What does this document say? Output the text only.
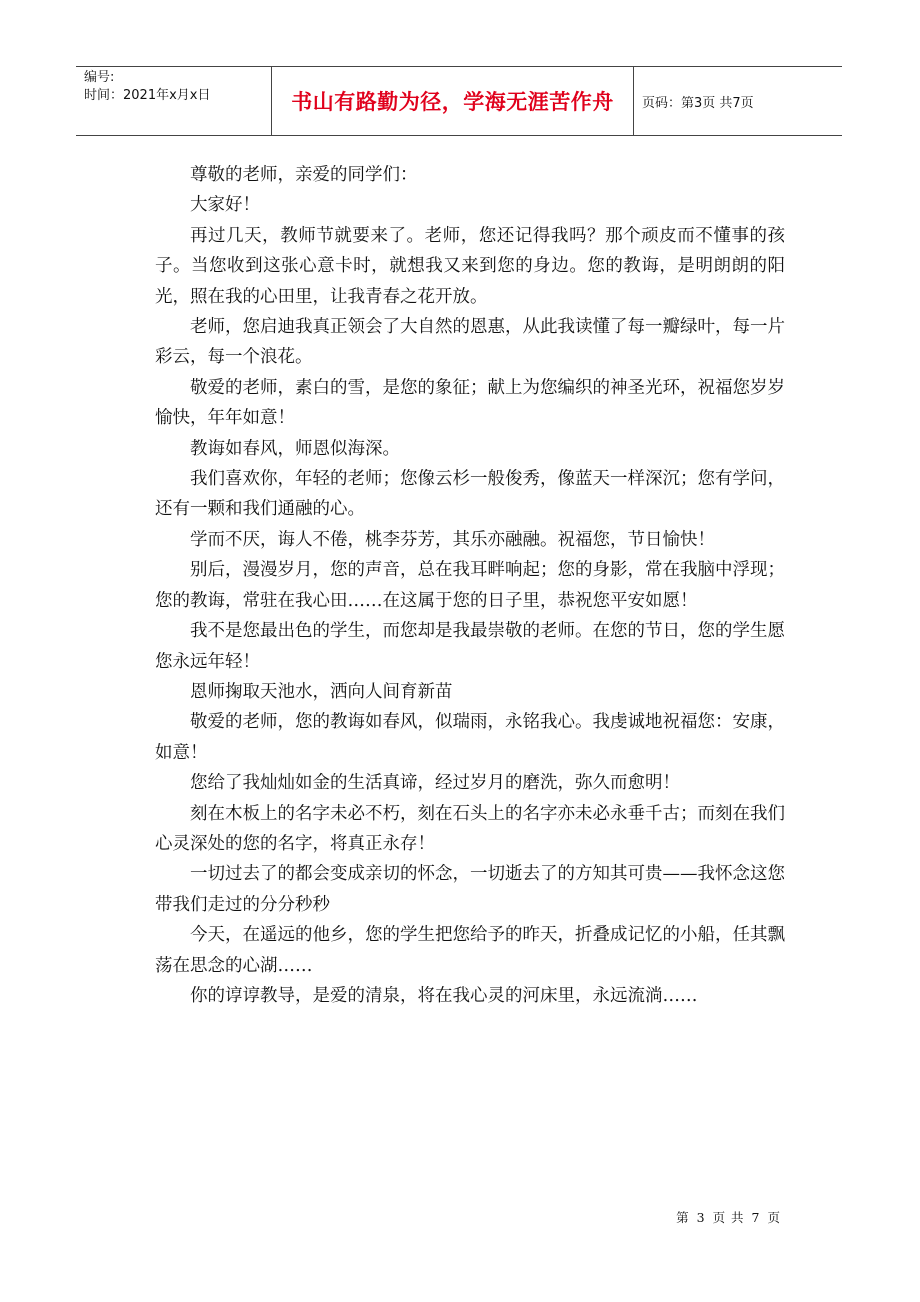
编号:
时间：2021年x月x日	书山有路勤为径，学海无涯苦作舟 页码：第3页 共7页

尊敬的老师，亲爱的同学们：

大家好！

再过几天，教师节就要来了。老师，您还记得我吗？那个顽皮而不懂事的孩子。当您收到这张心意卡时，就想我又来到您的身边。您的教诲，是明朗朗的阳光，照在我的心田里，让我青春之花开放。

老师，您启迪我真正领会了大自然的恩惠，从此我读懂了每一瓣绿叶，每一片彩云，每一个浪花。

敬爱的老师，素白的雪，是您的象征；献上为您编织的神圣光环，祝福您岁岁愉快，年年如意！

教诲如春风，师恩似海深。

我们喜欢你，年轻的老师；您像云杉一般俊秀，像蓝天一样深沉；您有学问，还有一颗和我们通融的心。

学而不厌，诲人不倦，桃李芬芳，其乐亦融融。祝福您，节日愉快！

别后，漫漫岁月，您的声音，总在我耳畔响起；您的身影，常在我脑中浮现；您的教诲，常驻在我心田……在这属于您的日子里，恭祝您平安如愿！

我不是您最出色的学生，而您却是我最崇敬的老师。在您的节日，您的学生愿您永远年轻！

恩师掬取天池水，洒向人间育新苗

敬爱的老师，您的教诲如春风，似瑞雨，永铭我心。我虔诚地祝福您：安康，如意！

您给了我灿灿如金的生活真谛，经过岁月的磨洗，弥久而愈明！

刻在木板上的名字未必不朽，刻在石头上的名字亦未必永垂千古；而刻在我们心灵深处的您的名字，将真正永存！

一切过去了的都会变成亲切的怀念，一切逝去了的方知其可贵——我怀念这您带我们走过的分分秒秒

今天，在遥远的他乡，您的学生把您给予的昨天，折叠成记忆的小船，任其飘荡在思念的心湖……

你的谆谆教导，是爱的清泉，将在我心灵的河床里，永远流淌……

第 3 页 共 7 页
